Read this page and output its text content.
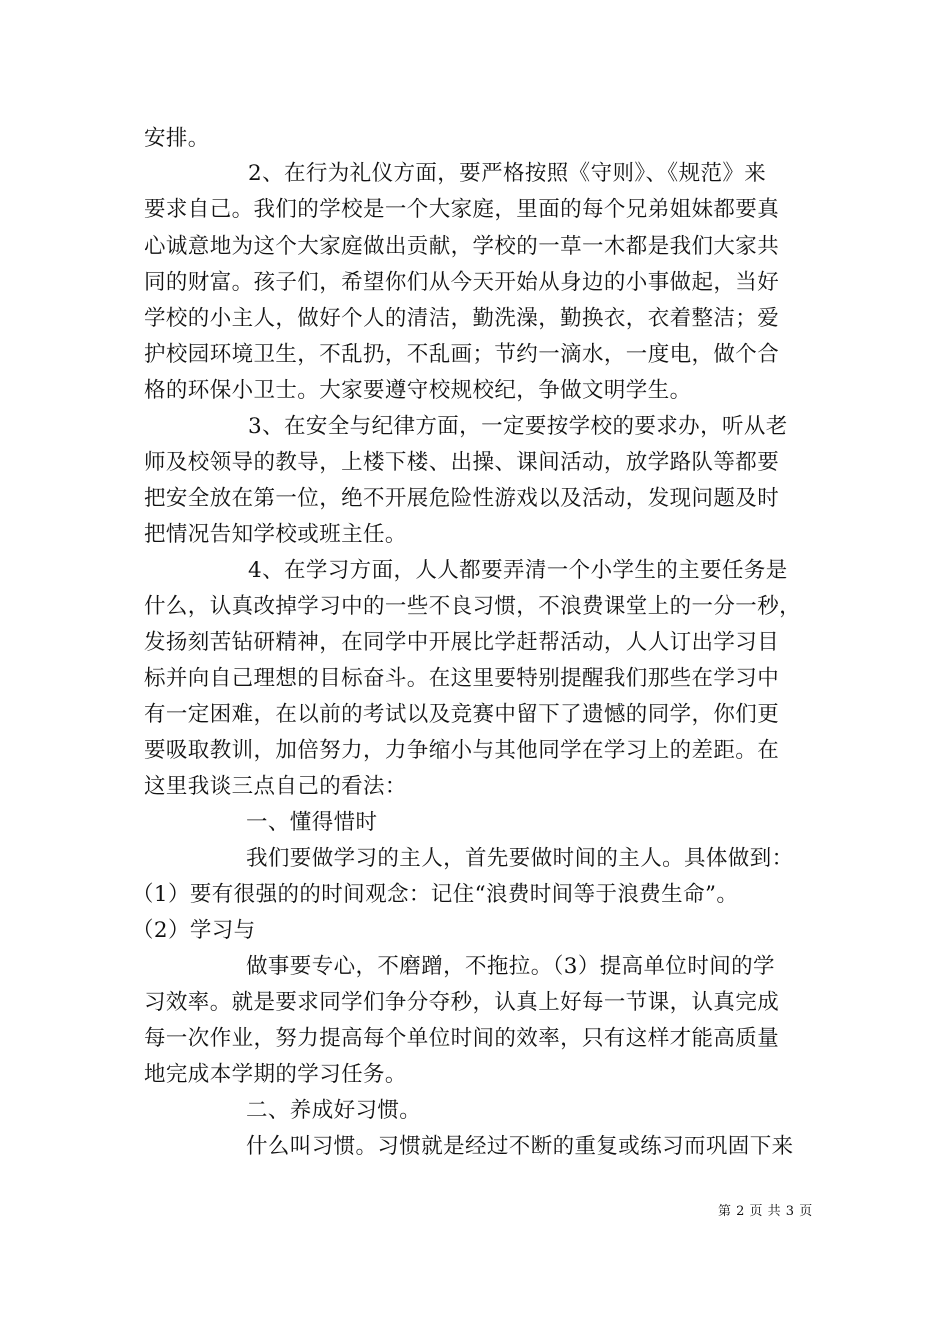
安排。
2、在行为礼仪方面，要严格按照《守则》、《规范》来
要求自己。我们的学校是一个大家庭，里面的每个兄弟姐妹都要真
心诚意地为这个大家庭做出贡献，学校的一草一木都是我们大家共
同的财富。孩子们，希望你们从今天开始从身边的小事做起，当好
学校的小主人，做好个人的清洁，勤洗澡，勤换衣，衣着整洁；爱
护校园环境卫生，不乱扔，不乱画；节约一滴水，一度电，做个合
格的环保小卫士。大家要遵守校规校纪，争做文明学生。
3、在安全与纪律方面，一定要按学校的要求办，听从老
师及校领导的教导，上楼下楼、出操、课间活动，放学路队等都要
把安全放在第一位，绝不开展危险性游戏以及活动，发现问题及时
把情况告知学校或班主任。
4、在学习方面，人人都要弄清一个小学生的主要任务是
什么，认真改掉学习中的一些不良习惯，不浪费课堂上的一分一秒，
发扬刻苦钻研精神，在同学中开展比学赶帮活动，人人订出学习目
标并向自己理想的目标奋斗。在这里要特别提醒我们那些在学习中
有一定困难，在以前的考试以及竞赛中留下了遗憾的同学，你们更
要吸取教训，加倍努力，力争缩小与其他同学在学习上的差距。在
这里我谈三点自己的看法：
一、懂得惜时
我们要做学习的主人，首先要做时间的主人。具体做到：
（1）要有很强的的时间观念：记住“浪费时间等于浪费生命”。
（2）学习与
做事要专心，不磨蹭，不拖拉。（3）提高单位时间的学
习效率。就是要求同学们争分夺秒，认真上好每一节课，认真完成
每一次作业，努力提高每个单位时间的效率，只有这样才能高质量
地完成本学期的学习任务。
二、养成好习惯。
什么叫习惯。习惯就是经过不断的重复或练习而巩固下来
第 2 页 共 3 页
